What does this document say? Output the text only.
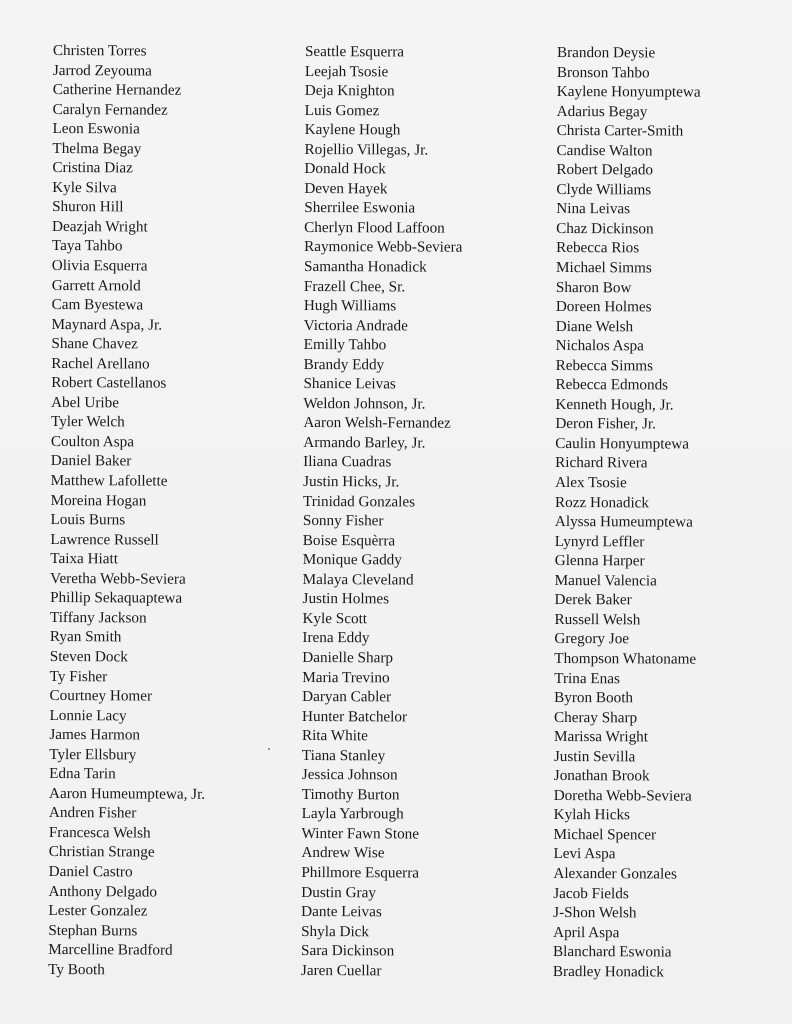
Christen Torres
Jarrod Zeyouma
Catherine Hernandez
Caralyn Fernandez
Leon Eswonia
Thelma Begay
Cristina Diaz
Kyle Silva
Shuron Hill
Deazjah Wright
Taya Tahbo
Olivia Esquerra
Garrett Arnold
Cam Byestewa
Maynard Aspa, Jr.
Shane Chavez
Rachel Arellano
Robert Castellanos
Abel Uribe
Tyler Welch
Coulton Aspa
Daniel Baker
Matthew Lafollette
Moreina Hogan
Louis Burns
Lawrence Russell
Taixa Hiatt
Veretha Webb-Seviera
Phillip Sekaquaptewa
Tiffany Jackson
Ryan Smith
Steven Dock
Ty Fisher
Courtney Homer
Lonnie Lacy
James Harmon
Tyler Ellsbury
Edna Tarin
Aaron Humeumptewa, Jr.
Andren Fisher
Francesca Welsh
Christian Strange
Daniel Castro
Anthony Delgado
Lester Gonzalez
Stephan Burns
Marcelline Bradford
Ty Booth
Seattle Esquerra
Leejah Tsosie
Deja Knighton
Luis Gomez
Kaylene Hough
Rojellio Villegas, Jr.
Donald Hock
Deven Hayek
Sherrilee Eswonia
Cherlyn Flood Laffoon
Raymonice Webb-Seviera
Samantha Honadick
Frazell Chee, Sr.
Hugh Williams
Victoria Andrade
Emilly Tahbo
Brandy Eddy
Shanice Leivas
Weldon Johnson, Jr.
Aaron Welsh-Fernandez
Armando Barley, Jr.
Iliana Cuadras
Justin Hicks, Jr.
Trinidad Gonzales
Sonny Fisher
Boise Esquèrra
Monique Gaddy
Malaya Cleveland
Justin Holmes
Kyle Scott
Irena Eddy
Danielle Sharp
Maria Trevino
Daryan Cabler
Hunter Batchelor
Rita White
Tiana Stanley
Jessica Johnson
Timothy Burton
Layla Yarbrough
Winter Fawn Stone
Andrew Wise
Phillmore Esquerra
Dustin Gray
Dante Leivas
Shyla Dick
Sara Dickinson
Jaren Cuellar
Brandon Deysie
Bronson Tahbo
Kaylene Honyumptewa
Adarius Begay
Christa Carter-Smith
Candise Walton
Robert Delgado
Clyde Williams
Nina Leivas
Chaz Dickinson
Rebecca Rios
Michael Simms
Sharon Bow
Doreen Holmes
Diane Welsh
Nichalos Aspa
Rebecca Simms
Rebecca Edmonds
Kenneth Hough, Jr.
Deron Fisher, Jr.
Caulin Honyumptewa
Richard Rivera
Alex Tsosie
Rozz Honadick
Alyssa Humeumptewa
Lynyrd Leffler
Glenna Harper
Manuel Valencia
Derek Baker
Russell Welsh
Gregory Joe
Thompson Whatoname
Trina Enas
Byron Booth
Cheray Sharp
Marissa Wright
Justin Sevilla
Jonathan Brook
Doretha Webb-Seviera
Kylah Hicks
Michael Spencer
Levi Aspa
Alexander Gonzales
Jacob Fields
J-Shon Welsh
April Aspa
Blanchard Eswonia
Bradley Honadick
